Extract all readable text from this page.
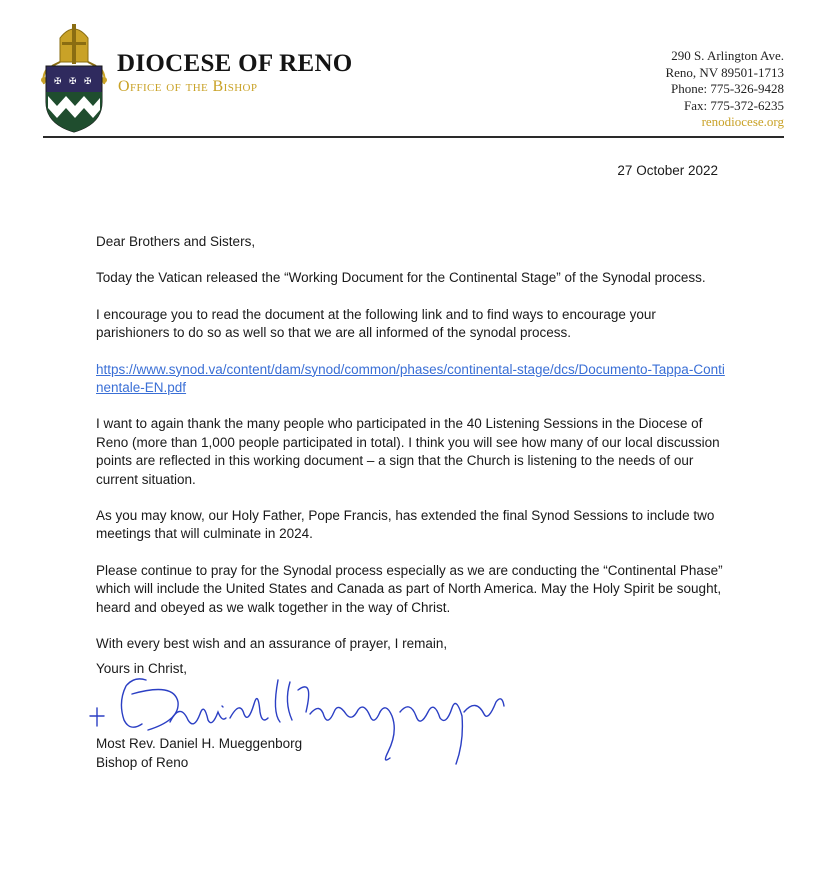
✠ ✠ ✠
DIOCESE OF RENO
Office of the Bishop
290 S. Arlington Ave.
Reno, NV 89501-1713
Phone: 775-326-9428
Fax: 775-372-6235
renodiocese.org
27 October 2022

Dear Brothers and Sisters,

Today the Vatican released the “Working Document for the Continental Stage” of the Synodal process.

I encourage you to read the document at the following link and to find ways to encourage your parishioners to do so as well so that we are all informed of the synodal process.

https://www.synod.va/content/dam/synod/common/phases/continental-stage/dcs/Documento-Tappa-Continentale-EN.pdf

I want to again thank the many people who participated in the 40 Listening Sessions in the Diocese of Reno (more than 1,000 people participated in total). I think you will see how many of our local discussion points are reflected in this working document – a sign that the Church is listening to the needs of our current situation.

As you may know, our Holy Father, Pope Francis, has extended the final Synod Sessions to include two meetings that will culminate in 2024.

Please continue to pray for the Synodal process especially as we are conducting the “Continental Phase” which will include the United States and Canada as part of North America. May the Holy Spirit be sought, heard and obeyed as we walk together in the way of Christ.

With every best wish and an assurance of prayer, I remain,

Yours in Christ,
Most Rev. Daniel H. Mueggenborg
Bishop of Reno
